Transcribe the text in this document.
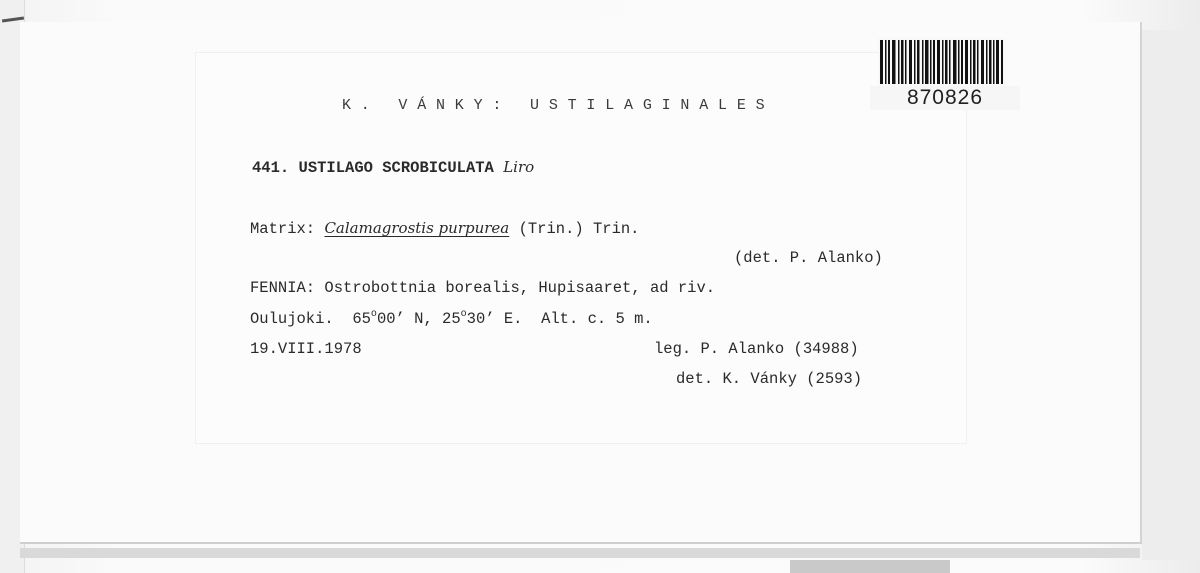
870826
K. VÁNKY: USTILAGINALES
441. USTILAGO SCROBICULATA Liro
Matrix: Calamagrostis purpurea (Trin.) Trin.
(det. P. Alanko)
FENNIA: Ostrobottnia borealis, Hupisaaret, ad riv.
Oulujoki.  65$^o$00’ N, 25$^o$30’ E.  Alt. c. 5 m.
19.VIII.1978	leg. P. Alanko (34988)
det. K. Vánky (2593)
